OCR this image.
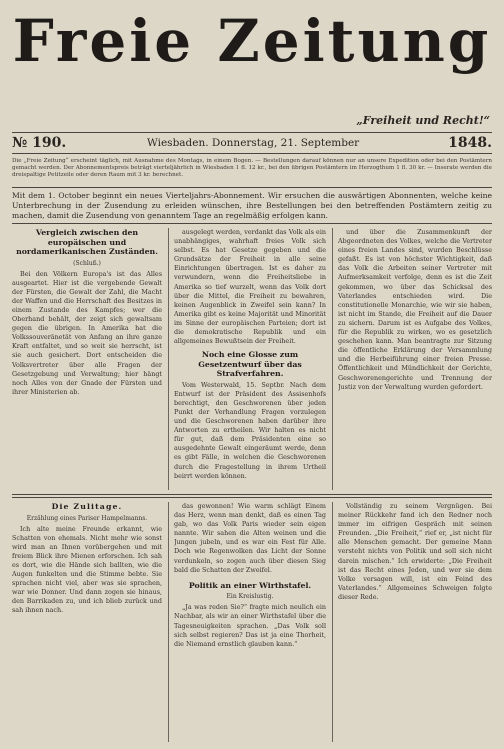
Freie Zeitung
„Freiheit und Recht!“
№ 190.	Wiesbaden. Donnerstag, 21. September	1848.
Die „Freie Zeitung“ erscheint täglich, mit Ausnahme des Montags, in einem Bogen. — Bestellungen darauf können nur an unsere Expedition oder bei den Postämtern gemacht werden. Der Abonnementspreis beträgt vierteljährlich in Wiesbaden 1 fl. 12 kr., bei den übrigen Postämtern im Herzogthum 1 fl. 30 kr. — Inserate werden die dreispaltige Petitzeile oder deren Raum mit 3 kr. berechnet.
Mit dem 1. October beginnt ein neues Vierteljahrs-Abonnement. Wir ersuchen die auswärtigen Abonnenten, welche keine Unterbrechung in der Zusendung zu erleiden wünschen, ihre Bestellungen bei den betreffenden Postämtern zeitig zu machen, damit die Zusendung von genanntem Tage an regelmäßig erfolgen kann.
Vergleich zwischen den europäischen und nordamerikanischen Zuständen.
(Schluß.)

Bei den Völkern Europa's ist das Alles ausgeartet. Hier ist die vergebende Gewalt der Fürsten, die Gewalt der Zahl, die Macht der Waffen und die Herrschaft des Besitzes in einem Zustande des Kampfes; wer die Oberhand behält, der zeigt sich gewaltsam gegen die übrigen. In Amerika hat die Volkssouveränetät von Anfang an ihre ganze Kraft entfaltet, und so weit sie herrscht, ist sie auch gesichert. Dort entscheiden die Volksvertreter über alle Fragen der Gesetzgebung und Verwaltung; hier hängt noch Alles von der Gnade der Fürsten und ihrer Ministerien ab.

ausgelegt werden, verdankt das Volk als ein unabhängiges, wahrhaft freies Volk sich selbst. Es hat Gesetze gegeben und die Grundsätze der Freiheit in alle seine Einrichtungen übertragen. Ist es daher zu verwundern, wenn die Freiheitsliebe in Amerika so tief wurzelt, wenn das Volk dort über die Mittel, die Freiheit zu bewahren, keinen Augenblick in Zweifel sein kann? In Amerika gibt es keine Majorität und Minorität im Sinne der europäischen Parteien; dort ist die demokratische Republik und ein allgemeines Bewußtsein der Freiheit.

Noch eine Glosse zum Gesetzentwurf über das Strafverfahren.

Vom Westerwald, 15. Septbr. Nach dem Entwurf ist der Präsident des Assisenhofs berechtigt, den Geschworenen über jeden Punkt der Verhandlung Fragen vorzulegen und die Geschworenen haben darüber ihre Antworten zu ertheilen. Wir halten es nicht für gut, daß dem Präsidenten eine so ausgedehnte Gewalt eingeräumt werde, denn es gibt Fälle, in welchen die Geschworenen durch die Fragestellung in ihrem Urtheil beirrt werden können.

und über die Zusammenkunft der Abgeordneten des Volkes, welche die Vertreter eines freien Landes sind, wurden Beschlüsse gefaßt. Es ist von höchster Wichtigkeit, daß das Volk die Arbeiten seiner Vertreter mit Aufmerksamkeit verfolge, denn es ist die Zeit gekommen, wo über das Schicksal des Vaterlandes entschieden wird. Die constitutionelle Monarchie, wie wir sie haben, ist nicht im Stande, die Freiheit auf die Dauer zu sichern. Darum ist es Aufgabe des Volkes, für die Republik zu wirken, wo es gesetzlich geschehen kann. Man beantragte zur Sitzung die öffentliche Erklärung der Versammlung und die Herbeiführung einer freien Presse. Öffentlichkeit und Mündlichkeit der Gerichte, Geschworenengerichte und Trennung der Justiz von der Verwaltung wurden gefordert.

Die Zulitage.
Erzählung eines Pariser Hampelmanns.

Ich alte meine Freunde erkannt, wie Schatten von ehemals. Nicht mehr wie sonst wird man an Ihnen vorübergehen und mit freiem Blick ihre Mienen erforschen. Ich sah es dort, wie die Hände sich ballten, wie die Augen funkelten und die Stimme bebte. Sie sprachen nicht viel, aber was sie sprachen, war wie Donner. Und dann zogen sie hinaus, den Barrikaden zu, und ich blieb zurück und sah ihnen nach.

das gewonnen! Wie warm schlägt Einem das Herz, wenn man denkt, daß es einen Tag gab, wo das Volk Paris wieder sein eigen nannte. Wir sahen die Alten weinen und die Jungen jubeln, und es war ein Fest für Alle. Doch wie Regenwolken das Licht der Sonne verdunkeln, so zogen auch über diesen Sieg bald die Schatten der Zweifel.

Politik an einer Wirthstafel.
Ein Kreislustig.

„Ja was reden Sie?“ fragte mich neulich ein Nachbar, als wir an einer Wirthstafel über die Tagesneuigkeiten sprachen. „Das Volk soll sich selbst regieren? Das ist ja eine Thorheit, die Niemand ernstlich glauben kann.“

Vollständig zu seinem Vergnügen. Bei meiner Rückkehr fand ich den Redner noch immer im eifrigen Gespräch mit seinen Freunden. „Die Freiheit,“ rief er, „ist nicht für alle Menschen gemacht. Der gemeine Mann versteht nichts von Politik und soll sich nicht darein mischen.“ Ich erwiderte: „Die Freiheit ist das Recht eines Jeden, und wer sie dem Volke versagen will, ist ein Feind des Vaterlandes.“ Allgemeines Schweigen folgte dieser Rede.
